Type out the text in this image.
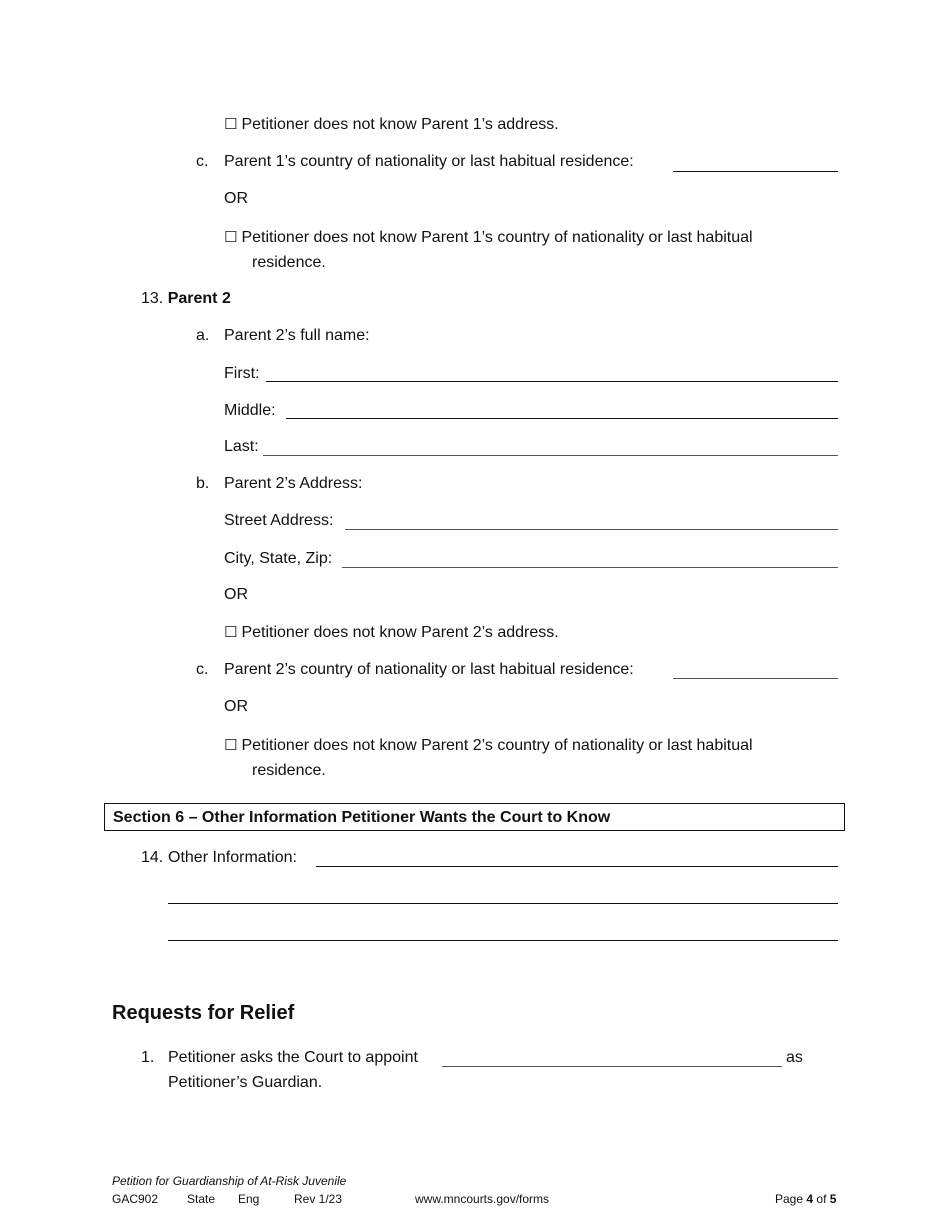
☐ Petitioner does not know Parent 1’s address.
c. Parent 1’s country of nationality or last habitual residence:
OR
☐ Petitioner does not know Parent 1’s country of nationality or last habitual
residence.
13. Parent 2
a. Parent 2’s full name:
First:
Middle:
Last:
b. Parent 2’s Address:
Street Address:
City, State, Zip:
OR
☐ Petitioner does not know Parent 2’s address.
c. Parent 2’s country of nationality or last habitual residence:
OR
☐ Petitioner does not know Parent 2’s country of nationality or last habitual
residence.
Section 6 – Other Information Petitioner Wants the Court to Know
14. Other Information:
Requests for Relief
1. Petitioner asks the Court to appoint	as
Petitioner’s Guardian.
Petition for Guardianship of At-Risk Juvenile
GAC902 State Eng	Rev 1/23	www.mncourts.gov/forms	Page 4 of 5
